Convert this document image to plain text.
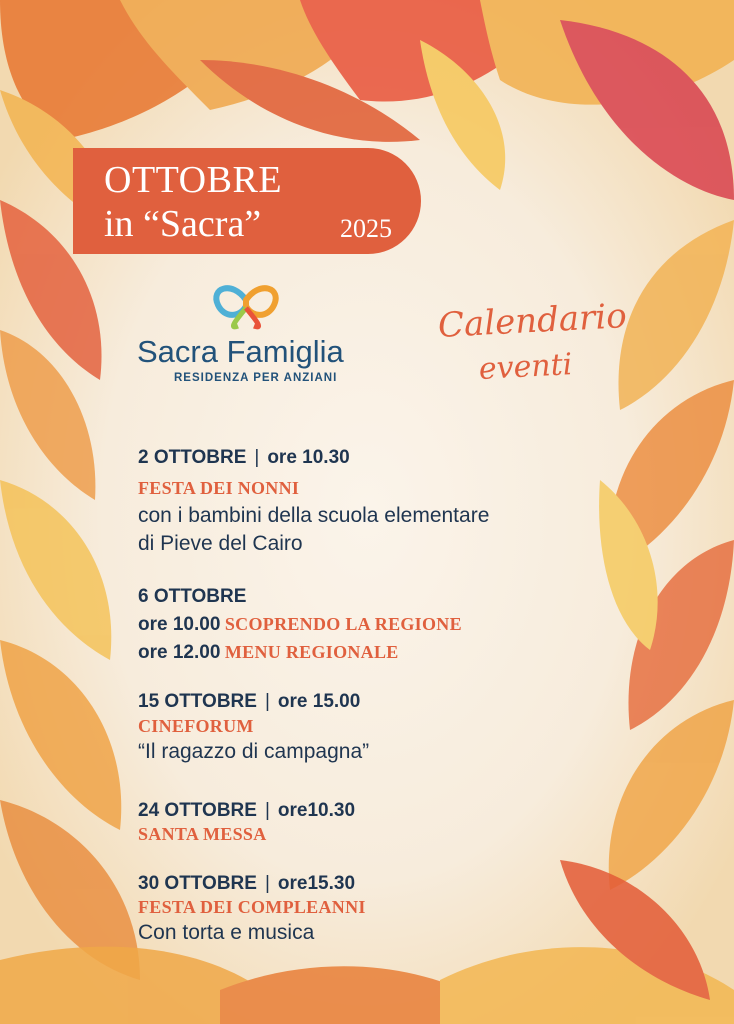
OTTOBRE
in “Sacra”	2025
Sacra Famiglia
RESIDENZA PER ANZIANI
Calendario
eventi
2 OTTOBRE | ore 10.30
FESTA DEI NONNI
con i bambini della scuola elementare
di Pieve del Cairo
6 OTTOBRE
ore 10.00 SCOPRENDO LA REGIONE
ore 12.00 MENU REGIONALE
15 OTTOBRE | ore 15.00
CINEFORUM
“Il ragazzo di campagna”
24 OTTOBRE | ore10.30
SANTA MESSA
30 OTTOBRE | ore15.30
FESTA DEI COMPLEANNI
Con torta e musica
